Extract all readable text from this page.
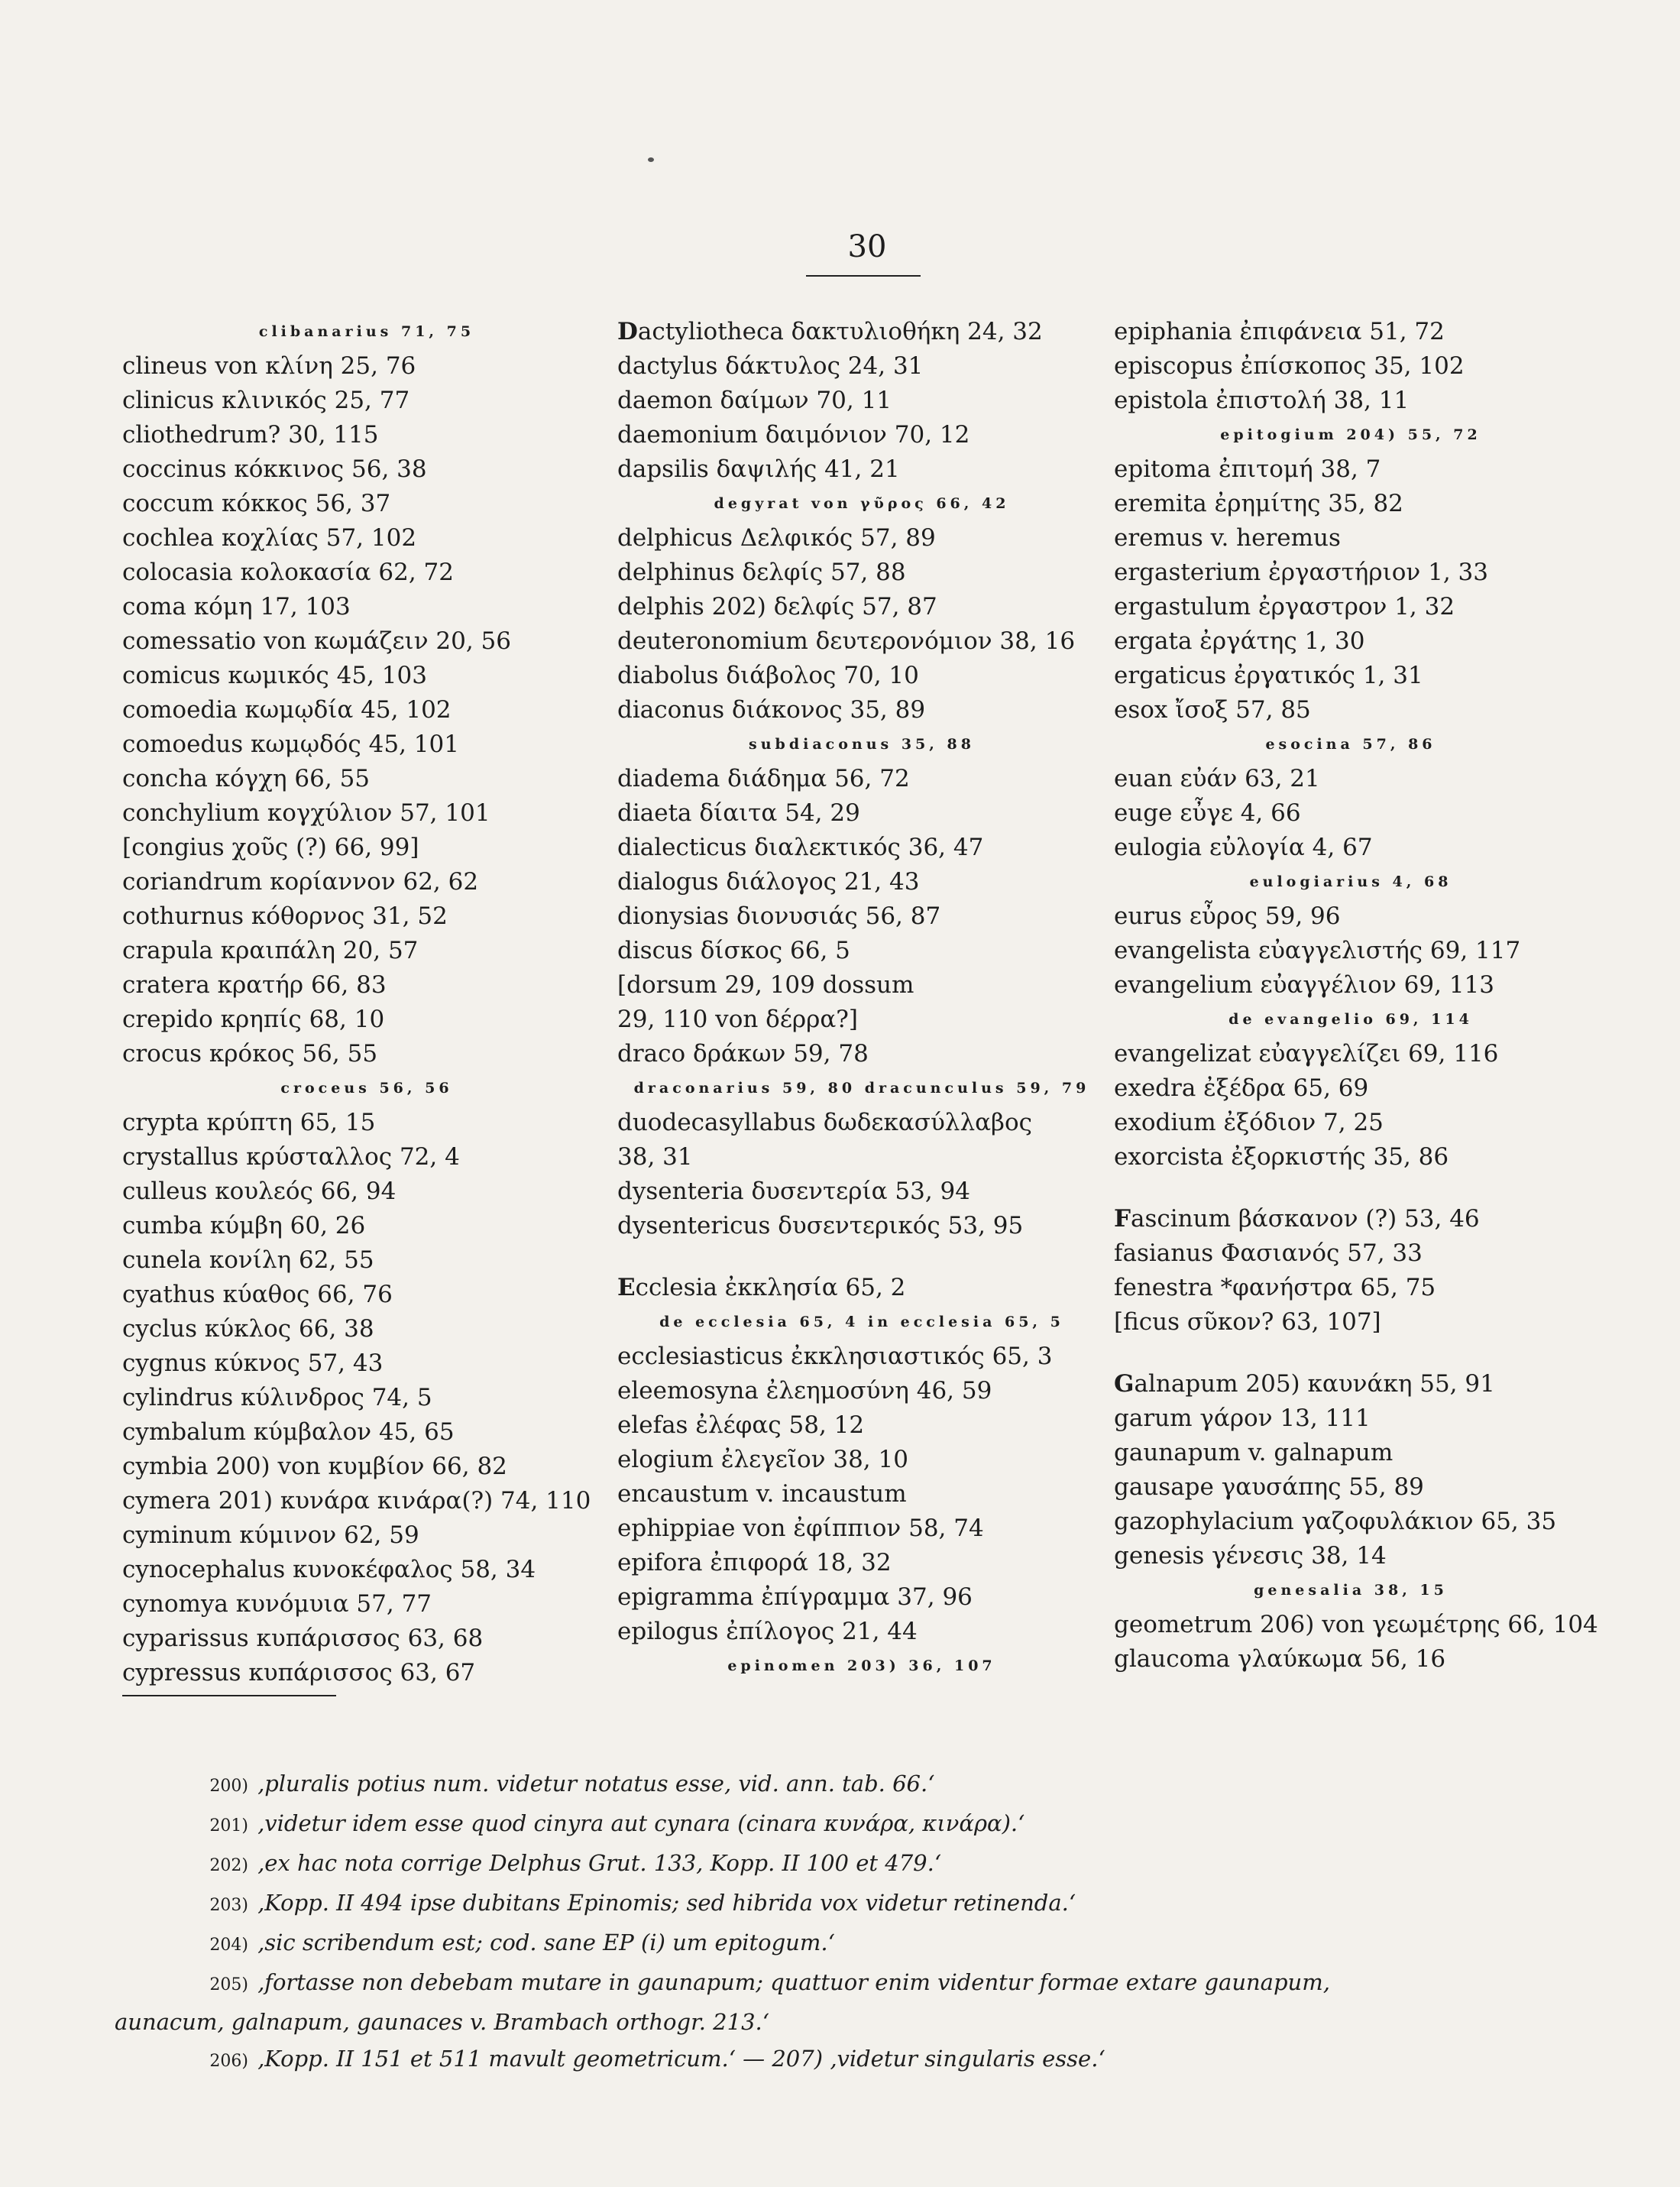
30
clibanarius 71, 75
clineus von κλίνη 25, 76
clinicus κλινικός 25, 77
cliothedrum? 30, 115
coccinus κόκκινος 56, 38
coccum κόκκος 56, 37
cochlea κοχλίας 57, 102
colocasia κολοκασία 62, 72
coma κόμη 17, 103
comessatio von κωμάζειν 20, 56
comicus κωμικός 45, 103
comoedia κωμῳδία 45, 102
comoedus κωμῳδός 45, 101
concha κόγχη 66, 55
conchylium κογχύλιον 57, 101
[congius χοῦς (?) 66, 99]
coriandrum κορίαννον 62, 62
cothurnus κόθορνος 31, 52
crapula κραιπάλη 20, 57
cratera κρατήρ 66, 83
crepido κρηπίς 68, 10
crocus κρόκος 56, 55
croceus 56, 56
crypta κρύπτη 65, 15
crystallus κρύσταλλος 72, 4
culleus κουλεός 66, 94
cumba κύμβη 60, 26
cunela κονίλη 62, 55
cyathus κύαθος 66, 76
cyclus κύκλος 66, 38
cygnus κύκνος 57, 43
cylindrus κύλινδρος 74, 5
cymbalum κύμβαλον 45, 65
cymbia 200) von κυμβίον 66, 82
cymera 201) κυνάρα κινάρα(?) 74, 110
cyminum κύμινον 62, 59
cynocephalus κυνοκέφαλος 58, 34
cynomya κυνόμυια 57, 77
cyparissus κυπάρισσος 63, 68
cypressus κυπάρισσος 63, 67
Dactyliotheca δακτυλιοθήκη 24, 32
dactylus δάκτυλος 24, 31
daemon δαίμων 70, 11
daemonium δαιμόνιον 70, 12
dapsilis δαψιλής 41, 21
degyrat von γῦρος 66, 42
delphicus Δελφικός 57, 89
delphinus δελφίς 57, 88
delphis 202) δελφίς 57, 87
deuteronomium δευτερονόμιον 38, 16
diabolus διάβολος 70, 10
diaconus διάκονος 35, 89
subdiaconus 35, 88
diadema διάδημα 56, 72
diaeta δίαιτα 54, 29
dialecticus διαλεκτικός 36, 47
dialogus διάλογος 21, 43
dionysias διονυσιάς 56, 87
discus δίσκος 66, 5
[dorsum 29, 109 dossum
29, 110 von δέρρα?]
draco δράκων 59, 78
draconarius 59, 80 dracunculus 59, 79
duodecasyllabus δωδεκασύλλαβος
38, 31
dysenteria δυσεντερία 53, 94
dysentericus δυσεντερικός 53, 95
Ecclesia ἐκκλησία 65, 2
de ecclesia 65, 4 in ecclesia 65, 5
ecclesiasticus ἐκκλησιαστικός 65, 3
eleemosyna ἐλεημοσύνη 46, 59
elefas ἐλέφας 58, 12
elogium ἐλεγεῖον 38, 10
encaustum v. incaustum
ephippiae von ἐφίππιον 58, 74
epifora ἐπιφορά 18, 32
epigramma ἐπίγραμμα 37, 96
epilogus ἐπίλογος 21, 44
epinomen 203) 36, 107
epiphania ἐπιφάνεια 51, 72
episcopus ἐπίσκοπος 35, 102
epistola ἐπιστολή 38, 11
epitogium 204) 55, 72
epitoma ἐπιτομή 38, 7
eremita ἐρημίτης 35, 82
eremus v. heremus
ergasterium ἐργαστήριον 1, 33
ergastulum ἐργαστρον 1, 32
ergata ἐργάτης 1, 30
ergaticus ἐργατικός 1, 31
esox ἴσοξ 57, 85
esocina 57, 86
euan εὐάν 63, 21
euge εὖγε 4, 66
eulogia εὐλογία 4, 67
eulogiarius 4, 68
eurus εὖρος 59, 96
evangelista εὐαγγελιστής 69, 117
evangelium εὐαγγέλιον 69, 113
de evangelio 69, 114
evangelizat εὐαγγελίζει 69, 116
exedra ἐξέδρα 65, 69
exodium ἐξόδιον 7, 25
exorcista ἐξορκιστής 35, 86
Fascinum βάσκανον (?) 53, 46
fasianus Φασιανός 57, 33
fenestra *φανήστρα 65, 75
[ficus σῦκον? 63, 107]
Galnapum 205) καυνάκη 55, 91
garum γάρον 13, 111
gaunapum v. galnapum
gausape γαυσάπης 55, 89
gazophylacium γαζοφυλάκιον 65, 35
genesis γένεσις 38, 14
genesalia 38, 15
geometrum 206) von γεωμέτρης 66, 104
glaucoma γλαύκωμα 56, 16
200) ‚pluralis potius num. videtur notatus esse, vid. ann. tab. 66.‘
201) ‚videtur idem esse quod cinyra aut cynara (cinara κυνάρα, κινάρα).‘
202) ‚ex hac nota corrige Delphus Grut. 133, Kopp. II 100 et 479.‘
203) ‚Kopp. II 494 ipse dubitans Epinomis; sed hibrida vox videtur retinenda.‘
204) ‚sic scribendum est; cod. sane EP (i) um epitogum.‘
205) ‚fortasse non debebam mutare in gaunapum; quattuor enim videntur formae extare gaunapum,
aunacum, galnapum, gaunaces v. Brambach orthogr. 213.‘
206) ‚Kopp. II 151 et 511 mavult geometricum.‘ — 207) ‚videtur singularis esse.‘
